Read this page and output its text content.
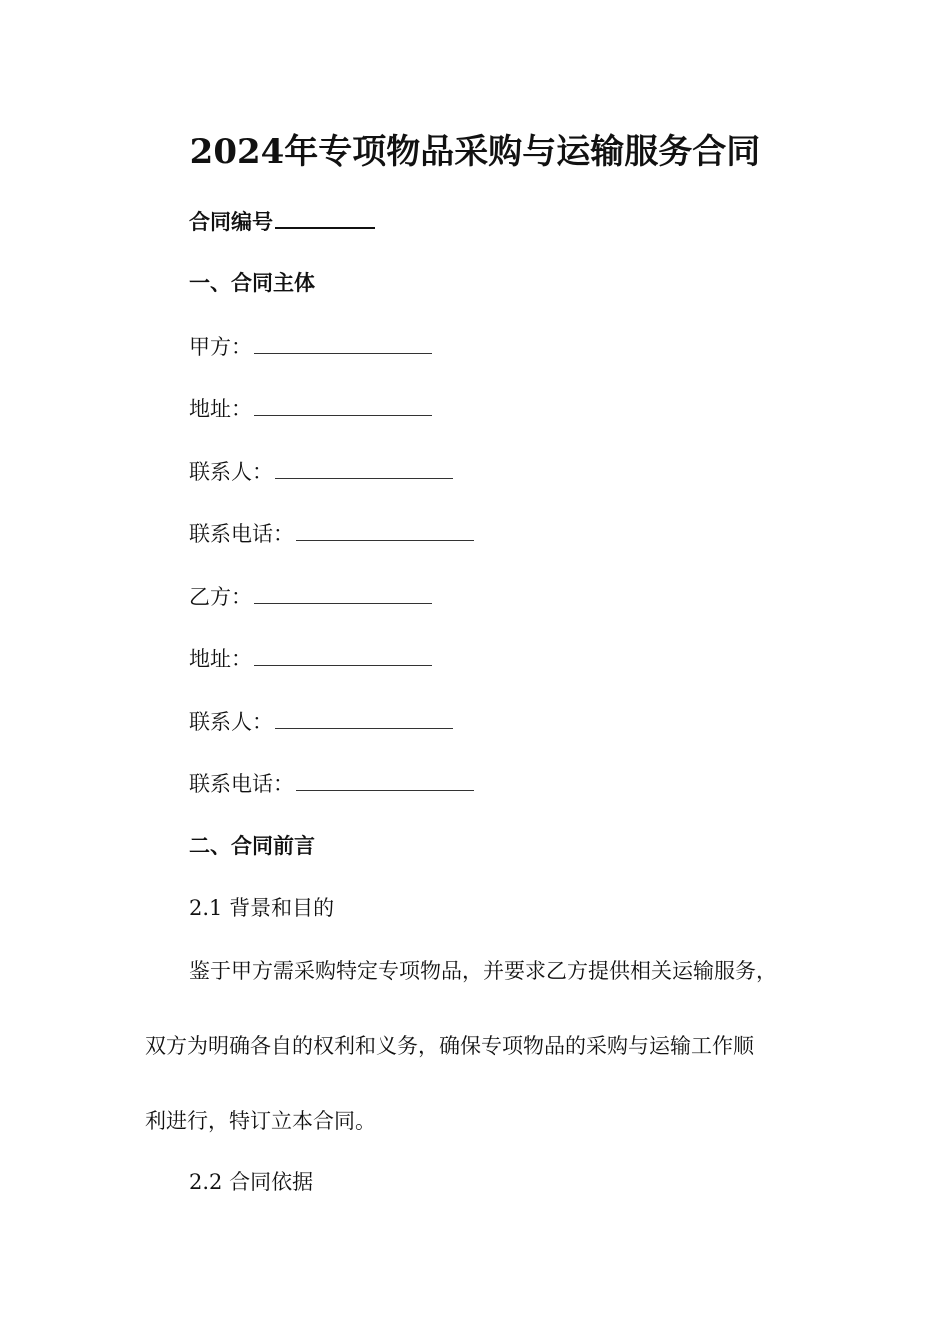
2024年专项物品采购与运输服务合同
合同编号
一、合同主体
甲方：
地址：
联系人：
联系电话：
乙方：
地址：
联系人：
联系电话：
二、合同前言
2.1 背景和目的
鉴于甲方需采购特定专项物品，并要求乙方提供相关运输服务，
双方为明确各自的权利和义务，确保专项物品的采购与运输工作顺
利进行，特订立本合同。
2.2 合同依据
